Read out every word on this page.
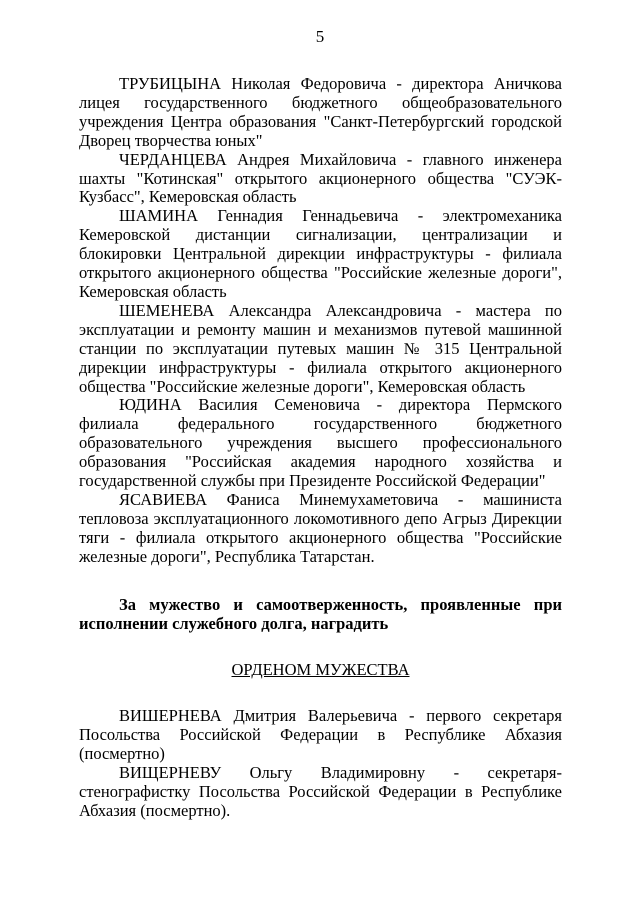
5

ТРУБИЦЫНА Николая Федоровича - директора Аничкова лицея государственного бюджетного общеобразовательного учреждения Центра образования "Санкт-Петербургский городской Дворец творчества юных"

ЧЕРДАНЦЕВА Андрея Михайловича - главного инженера шахты "Котинская" открытого акционерного общества "СУЭК-Кузбасс", Кемеровская область

ШАМИНА Геннадия Геннадьевича - электромеханика Кемеровской дистанции сигнализации, централизации и блокировки Центральной дирекции инфраструктуры - филиала открытого акционерного общества "Российские железные дороги", Кемеровская область

ШЕМЕНЕВА Александра Александровича - мастера по эксплуатации и ремонту машин и механизмов путевой машинной станции по эксплуатации путевых машин № 315 Центральной дирекции инфраструктуры - филиала открытого акционерного общества "Российские железные дороги", Кемеровская область

ЮДИНА Василия Семеновича - директора Пермского филиала федерального государственного бюджетного образовательного учреждения высшего профессионального образования "Российская академия народного хозяйства и государственной службы при Президенте Российской Федерации"

ЯСАВИЕВА Фаниса Минемухаметовича - машиниста тепловоза эксплуатационного локомотивного депо Агрыз Дирекции тяги - филиала открытого акционерного общества "Российские железные дороги", Республика Татарстан.

За мужество и самоотверженность, проявленные при исполнении служебного долга, наградить

ОРДЕНОМ МУЖЕСТВА

ВИШЕРНЕВА Дмитрия Валерьевича - первого секретаря Посольства Российской Федерации в Республике Абхазия (посмертно)

ВИЩЕРНЕВУ Ольгу Владимировну - секретаря-стенографистку Посольства Российской Федерации в Республике Абхазия (посмертно).
